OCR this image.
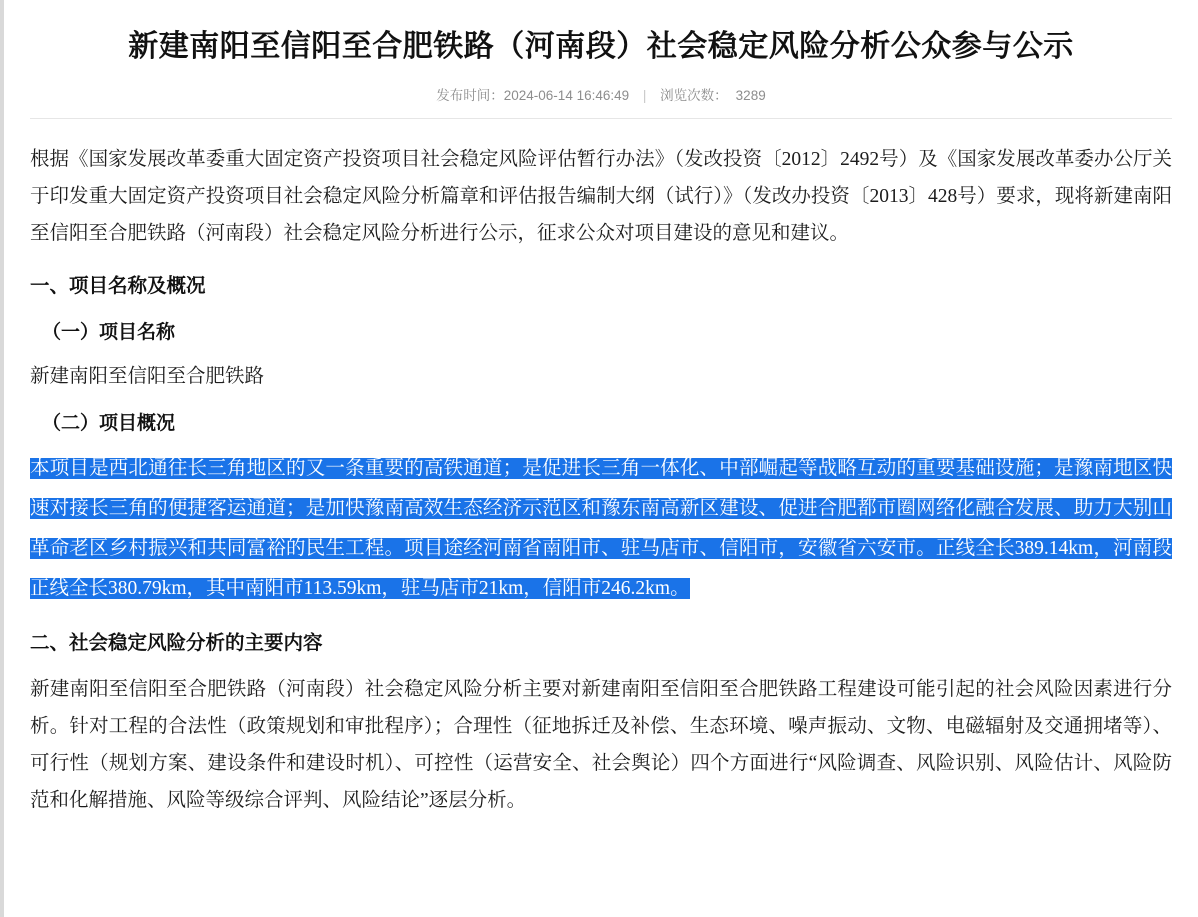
新建南阳至信阳至合肥铁路（河南段）社会稳定风险分析公众参与公示
发布时间：2024-06-14 16:46:49 | 浏览次数： 3289

根据《国家发展改革委重大固定资产投资项目社会稳定风险评估暂行办法》（发改投资〔2012〕2492号）及《国家发展改革委办公厅关于印发重大固定资产投资项目社会稳定风险分析篇章和评估报告编制大纲（试行）》（发改办投资〔2013〕428号）要求，现将新建南阳至信阳至合肥铁路（河南段）社会稳定风险分析进行公示，征求公众对项目建设的意见和建议。

一、项目名称及概况
（一）项目名称

新建南阳至信阳至合肥铁路

（二）项目概况

本项目是西北通往长三角地区的又一条重要的高铁通道；是促进长三角一体化、中部崛起等战略互动的重要基础设施；是豫南地区快速对接长三角的便捷客运通道；是加快豫南高效生态经济示范区和豫东南高新区建设、促进合肥都市圈网络化融合发展、助力大别山革命老区乡村振兴和共同富裕的民生工程。项目途经河南省南阳市、驻马店市、信阳市，安徽省六安市。正线全长389.14km，河南段正线全长380.79km，其中南阳市113.59km，驻马店市21km，信阳市246.2km。

二、社会稳定风险分析的主要内容

新建南阳至信阳至合肥铁路（河南段）社会稳定风险分析主要对新建南阳至信阳至合肥铁路工程建设可能引起的社会风险因素进行分析。针对工程的合法性（政策规划和审批程序）；合理性（征地拆迁及补偿、生态环境、噪声振动、文物、电磁辐射及交通拥堵等）、可行性（规划方案、建设条件和建设时机）、可控性（运营安全、社会舆论）四个方面进行“风险调查、风险识别、风险估计、风险防范和化解措施、风险等级综合评判、风险结论”逐层分析。
